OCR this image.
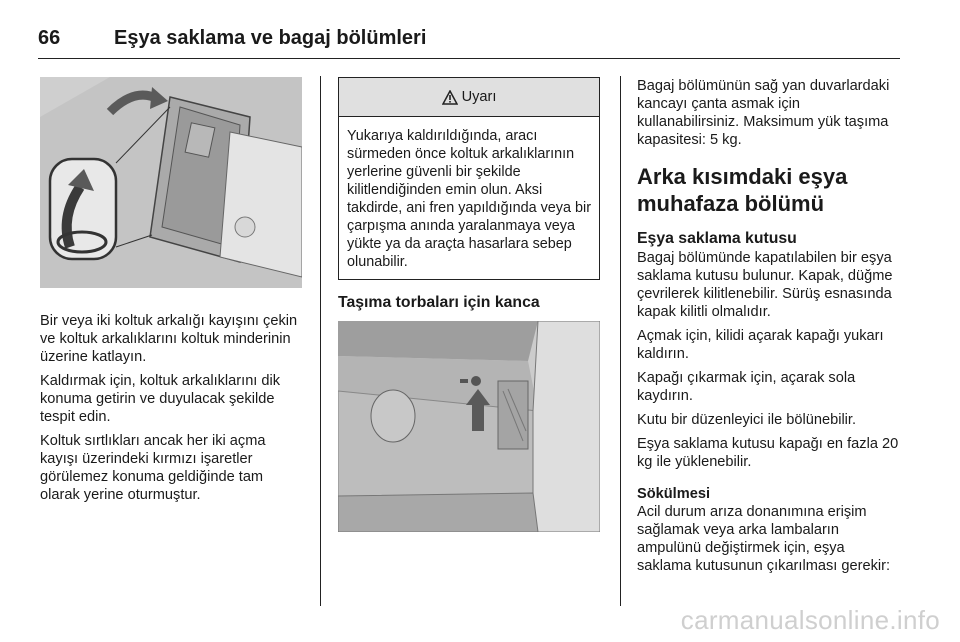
66	Eşya saklama ve bagaj bölümleri

Bir veya iki koltuk arkalığı kayışını çekin ve koltuk arkalıklarını koltuk minderinin üzerine katlayın.

Kaldırmak için, koltuk arkalıklarını dik konuma getirin ve duyulacak şekilde tespit edin.

Koltuk sırtlıkları ancak her iki açma kayışı üzerindeki kırmızı işaretler görülemez konuma geldiğinde tam olarak yerine oturmuştur.

Uyarı
Yukarıya kaldırıldığında, aracı sürmeden önce koltuk arkalıklarının yerlerine güvenli bir şekilde kilitlendiğinden emin olun. Aksi takdirde, ani fren yapıldığında veya bir çarpışma anında yaralanmaya veya yükte ya da araçta hasarlara sebep olunabilir.
Taşıma torbaları için kanca

Bagaj bölümünün sağ yan duvarlardaki kancayı çanta asmak için kullanabilirsiniz. Maksimum yük taşıma kapasitesi: 5 kg.

Arka kısımdaki eşya muhafaza bölümü
Eşya saklama kutusu

Bagaj bölümünde kapatılabilen bir eşya saklama kutusu bulunur. Kapak, düğme çevrilerek kilitlenebilir. Sürüş esnasında kapak kilitli olmalıdır.

Açmak için, kilidi açarak kapağı yukarı kaldırın.

Kapağı çıkarmak için, açarak sola kaydırın.

Kutu bir düzenleyici ile bölünebilir.

Eşya saklama kutusu kapağı en fazla 20 kg ile yüklenebilir.

Sökülmesi

Acil durum arıza donanımına erişim sağlamak veya arka lambaların ampulünü değiştirmek için, eşya saklama kutusunun çıkarılması gerekir:

carmanualsonline.info
